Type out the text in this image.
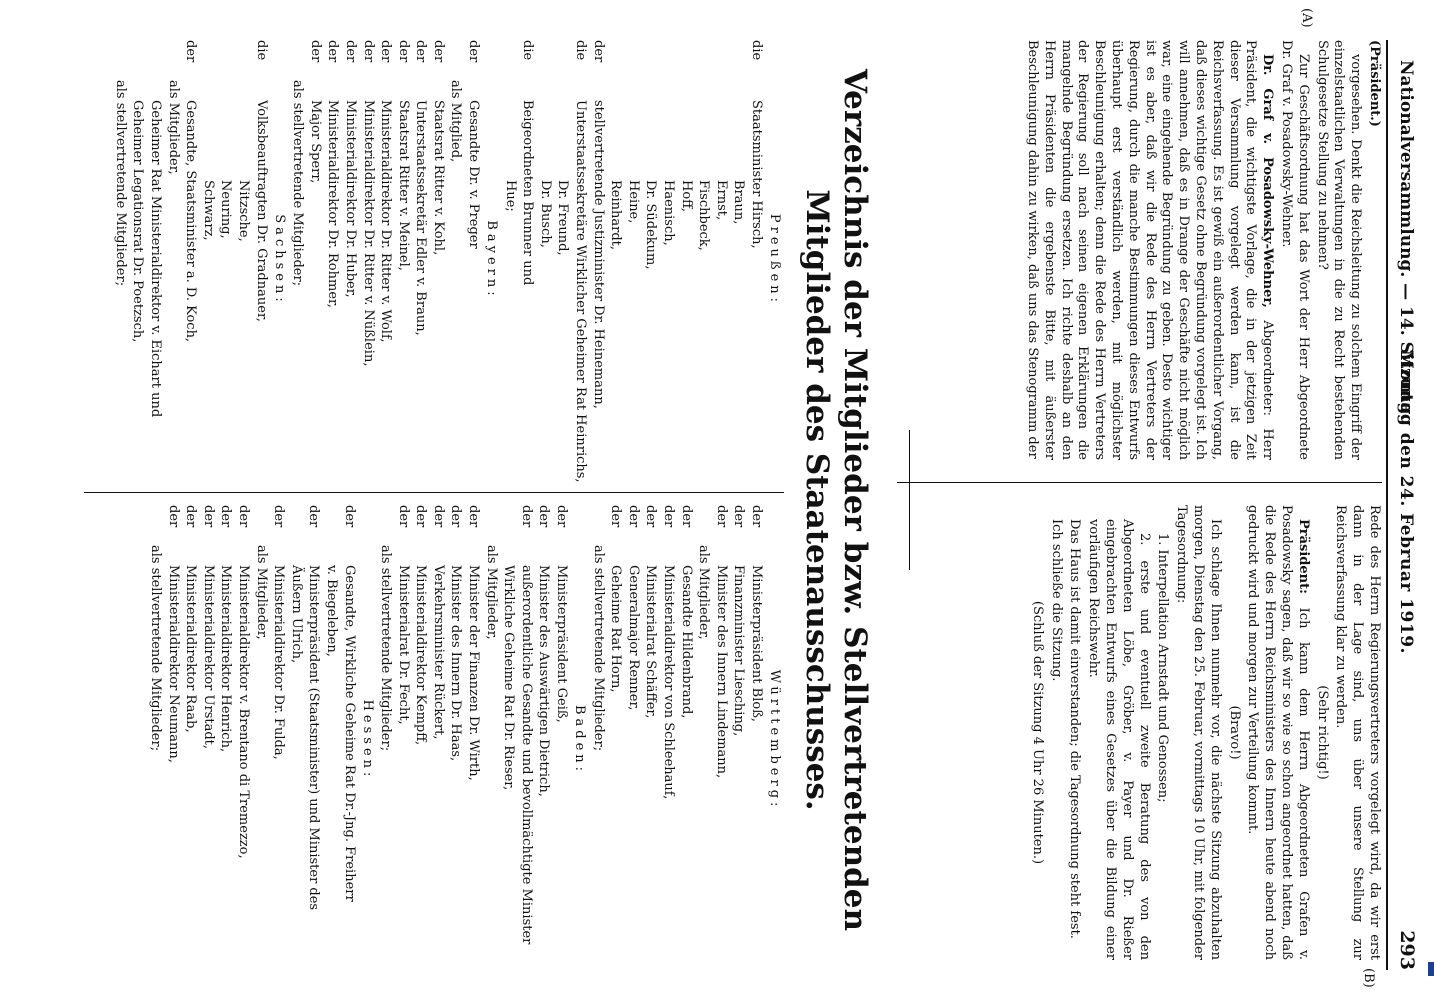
Nationalversammlung. — 14. Sitzung.
Montag den 24. Februar 1919.
293
(A)
(B)

(Präsident.)

vorgesehen. Denkt die Reichsleitung zu solchem Eingriff der einzelstaatlichen Verwaltungen in die zu Recht bestehenden Schulgesetze Stellung zu nehmen?

Zur Geschäftsordnung hat das Wort der Herr Abgeordnete Dr. Graf v. Posadowsky-Wehner.

Dr. Graf v. Posadowsky-Wehner, Abgeordneter: Herr Präsident, die wichtigste Vorlage, die in der jetzigen Zeit dieser Versammlung vorgelegt werden kann, ist die Reichsverfassung. Es ist gewiß ein außerordentlicher Vorgang, daß dieses wichtige Gesetz ohne Begründung vorgelegt ist. Ich will annehmen, daß es in Drange der Geschäfte nicht möglich war, eine eingehende Begründung zu geben. Desto wichtiger ist es aber, daß wir die Rede des Herrn Vertreters der Regierung, durch die manche Bestimmungen dieses Entwurfs überhaupt erst verständlich werden, mit möglichster Beschleunigung erhalten; denn die Rede des Herrn Vertreters der Regierung soll nach seinen eigenen Erklärungen die mangelnde Begründung ersetzen. Ich richte deshalb an den Herrn Präsidenten die ergebenste Bitte, mit äußerster Beschleunigung dahin zu wirken, daß uns das Stenogramm der

Rede des Herrn Regierungsvertreters vorgelegt wird, da wir erst dann in der Lage sind, uns über unsere Stellung zur Reichsverfassung klar zu werden.

(Sehr richtig!)

Präsident: Ich kann dem Herrn Abgeordneten Grafen v. Posadowsky sagen, daß wir so wie so schon angeordnet hatten, daß die Rede des Herrn Reichsministers des Innern heute abend noch gedruckt wird und morgen zur Verteilung kommt.

(Bravo!)

Ich schlage Ihnen nunmehr vor, die nächste Sitzung abzuhalten morgen, Dienstag den 25. Februar, vormittags 10 Uhr, mit folgender Tagesordnung:

1. Interpellation Arnstadt und Genossen;

2. erste und eventuell zweite Beratung des von den Abgeordneten Löbe, Gröber, v. Payer und Dr. Rießer eingebrachten Entwurfs eines Gesetzes über die Bildung einer vorläufigen Reichswehr.

Das Haus ist damit einverstanden; die Tagesordnung steht fest.

Ich schließe die Sitzung.

(Schluß der Sitzung 4 Uhr 26 Minuten.)

Verzeichnis der Mitglieder bzw. Stellvertretenden Mitglieder des Staatenausschusses.
Preußen:
dieStaatsminister Hirsch,
Braun,
Ernst,
Fischbeck,
Hoff,
Haenisch,
Dr. Südekum,
Heine,
Reinhardt,
derstellvertretende Justizminister Dr. Heinemann,
dieUnterstaatssekretäre Wirklicher Geheimer Rat Heinrichs,
Dr. Freund,
Dr. Busch,
dieBeigeordneten Brunner und
Hue;
Bayern:
derGesandte Dr. v. Preger
als Mitglied,
derStaatsrat Ritter v. Kohl,
derUnterstaatssekretär Edler v. Braun,
derStaatsrat Ritter v. Meinel,
derMinisterialdirektor Dr. Ritter v. Wolf,
derMinisterialdirektor Dr. Ritter v. Nüßlein,
derMinisterialdirektor Dr. Huber,
derMinisterialdirektor Dr. Rohmer,
derMajor Sperr,
als stellvertretende Mitglieder;
Sachsen:
dieVolksbeauftragten Dr. Gradnauer,
Nitzsche,
Neuring,
Schwarz,
derGesandte, Staatsminister a. D. Koch,
als Mitglieder,
Geheimer Rat Ministerialdirektor v. Eichart und
Geheimer Legationsrat Dr. Poetzsch,
als stellvertretende Mitglieder;
Württemberg:
derMinisterpräsident Bloß,
derFinanzminister Liesching,
derMinister des Innern Lindemann,
als Mitglieder,
derGesandte Hildenbrand,
derMinisterialdirektor von Schleehauf,
derMinisterialrat Schäffer,
derGeneralmajor Renner,
derGeheime Rat Horn,
als stellvertretende Mitglieder;
Baden:
derMinisterpräsident Geiß,
derMinister des Auswärtigen Dietrich,
deraußerordentliche Gesandte und bevollmächtigte Minister
Wirkliche Geheime Rat Dr. Rieser,
als Mitglieder,
derMinister der Finanzen Dr. Wirth,
derMinister des Innern Dr. Haas,
derVerkehrsminister Rückert,
derMinisterialdirektor Kempff,
derMinisterialrat Dr. Fecht,
als stellvertretende Mitglieder;
Hessen:
derGesandte, Wirkliche Geheime Rat Dr.-Jng. Freiherr
v. Biegeleben,
derMinisterpräsident (Staatsminister) und Minister des
Äußern Ulrich,
derMinisterialdirektor Dr. Fulda,
als Mitglieder,
derMinisterialdirektor v. Brentano di Tremezzo,
derMinisterialdirektor Henrich,
derMinisterialdirektor Urstadt,
derMinisterialdirektor Raab,
derMinisterialdirektor Neumann,
als stellvertretende Mitglieder;
